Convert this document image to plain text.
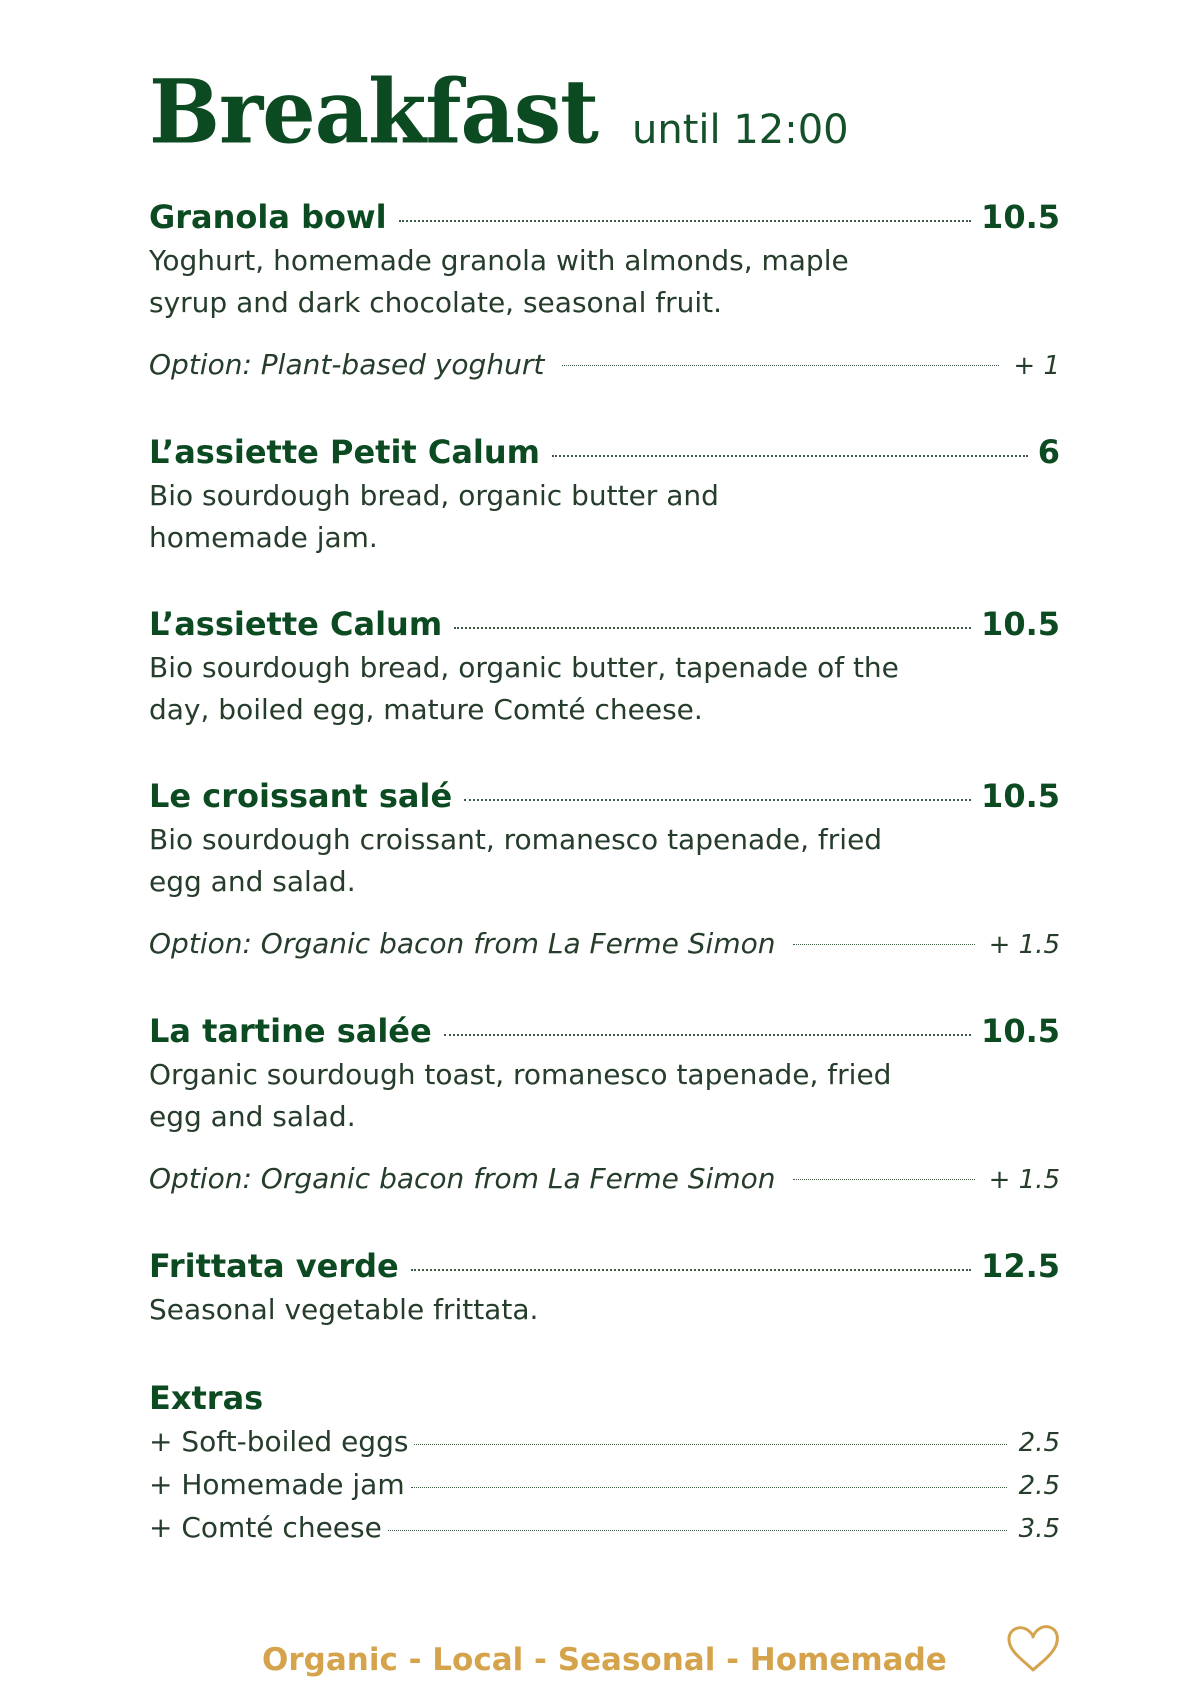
Breakfast until 12:00
Granola bowl	10.5
Yoghurt, homemade granola with almonds, maple syrup and dark chocolate, seasonal fruit.
Option: Plant-based yoghurt	+ 1
L’assiette Petit Calum	6
Bio sourdough bread, organic butter and homemade jam.
L’assiette Calum	10.5
Bio sourdough bread, organic butter, tapenade of the day, boiled egg, mature Comté cheese.
Le croissant salé	10.5
Bio sourdough croissant, romanesco tapenade, fried egg and salad.
Option: Organic bacon from La Ferme Simon	+ 1.5
La tartine salée	10.5
Organic sourdough toast, romanesco tapenade, fried egg and salad.
Option: Organic bacon from La Ferme Simon	+ 1.5
Frittata verde	12.5
Seasonal vegetable frittata.
Extras
+ Soft-boiled eggs	2.5
+ Homemade jam	2.5
+ Comté cheese	3.5
Organic - Local - Seasonal - Homemade
